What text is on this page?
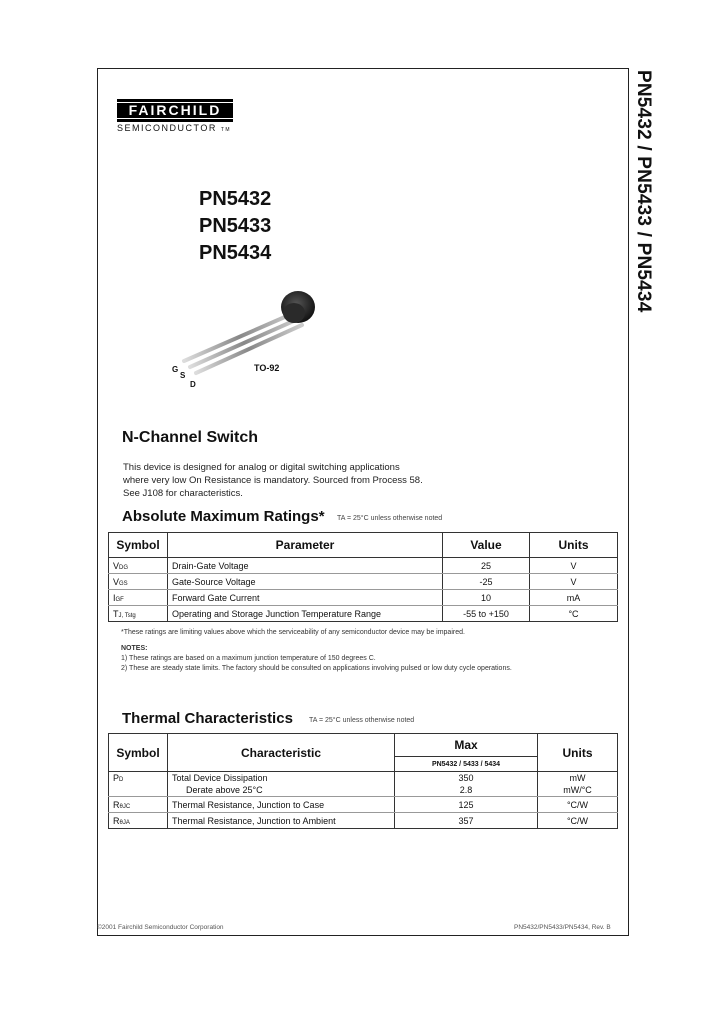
PN5432 / PN5433 / PN5434
FAIRCHILD
SEMICONDUCTOR TM
PN5432
PN5433
PN5434
G
S
D
TO-92
N-Channel Switch
This device is designed for analog or digital switching applications where very low On Resistance is mandatory. Sourced from Process 58. See J108 for characteristics.
Absolute Maximum Ratings* TA = 25°C unless otherwise noted
Symbol	Parameter	Value	Units
VDG	Drain-Gate Voltage	25	V
VGS	Gate-Source Voltage	-25	V
IGF	Forward Gate Current	10	mA
TJ, Tstg	Operating and Storage Junction Temperature Range	-55 to +150	°C
*These ratings are limiting values above which the serviceability of any semiconductor device may be impaired.
NOTES:
1) These ratings are based on a maximum junction temperature of 150 degrees C.
2) These are steady state limits. The factory should be consulted on applications involving pulsed or low duty cycle operations.
Thermal Characteristics TA = 25°C unless otherwise noted
Symbol	Characteristic	Max	Units
		PN5432 / 5433 / 5434	
PD	Total Device Dissipation	350	mW
	Derate above 25°C	2.8	mW/°C
RθJC	Thermal Resistance, Junction to Case	125	°C/W
RθJA	Thermal Resistance, Junction to Ambient	357	°C/W
©2001 Fairchild Semiconductor Corporation	PN5432/PN5433/PN5434, Rev. B
